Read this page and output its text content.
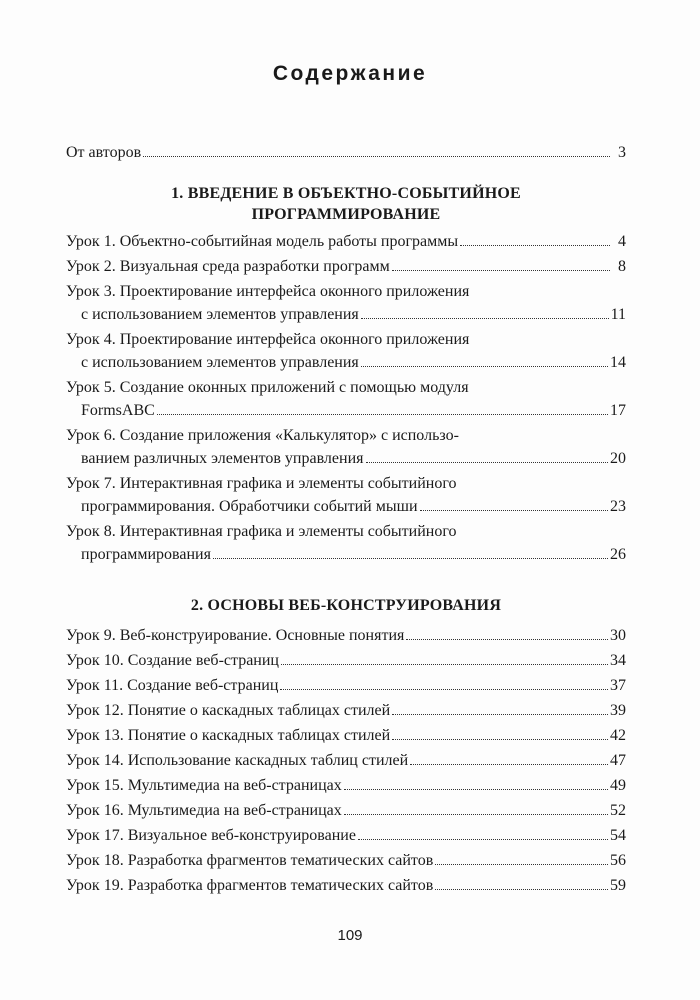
Содержание
От авторов	3
1. ВВЕДЕНИЕ В ОБЪЕКТНО-СОБЫТИЙНОЕ
ПРОГРАММИРОВАНИЕ
Урок 1. Объектно-событийная модель работы программы	4
Урок 2. Визуальная среда разработки программ	8
Урок 3. Проектирование интерфейса оконного приложения
с использованием элементов управления	11
Урок 4. Проектирование интерфейса оконного приложения
с использованием элементов управления	14
Урок 5. Создание оконных приложений с помощью модуля
FormsABC	17
Урок 6. Создание приложения «Калькулятор» с использо-
ванием различных элементов управления	20
Урок 7. Интерактивная графика и элементы событийного
программирования. Обработчики событий мыши	23
Урок 8. Интерактивная графика и элементы событийного
программирования	26
2. ОСНОВЫ ВЕБ-КОНСТРУИРОВАНИЯ
Урок 9. Веб-конструирование. Основные понятия	30
Урок 10. Создание веб-страниц	34
Урок 11. Создание веб-страниц	37
Урок 12. Понятие о каскадных таблицах стилей	39
Урок 13. Понятие о каскадных таблицах стилей	42
Урок 14. Использование каскадных таблиц стилей	47
Урок 15. Мультимедиа на веб-страницах	49
Урок 16. Мультимедиа на веб-страницах	52
Урок 17. Визуальное веб-конструирование	54
Урок 18. Разработка фрагментов тематических сайтов	56
Урок 19. Разработка фрагментов тематических сайтов	59
109
